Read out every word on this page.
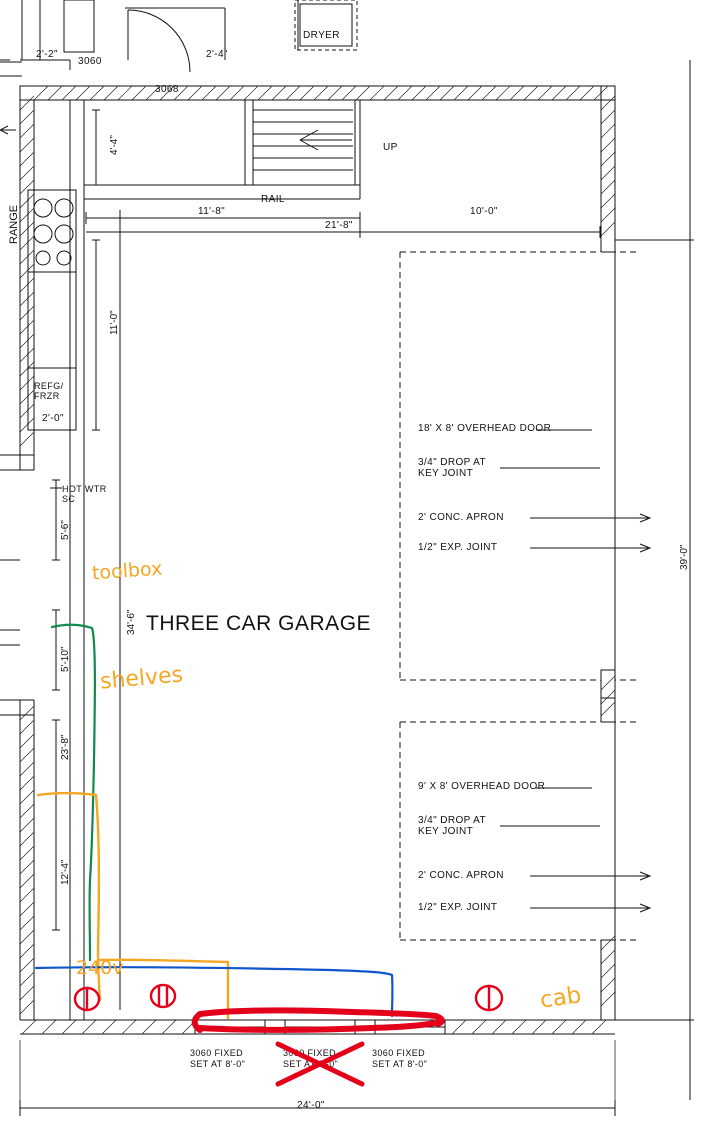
2'-2"
3060
2'-4"
3068
DRYER
4'-4"	UP
RAIL
11'-8"
21'-8"
10'-0"
RANGE
11'-0"
REFG/
FRZR
2'-0"
HOT WTR
SC
5'-6"
5'-10"
23'-8"
12'-4"
34'-6"
39'-0"
24'-0"
THREE CAR GARAGE
18' X 8' OVERHEAD DOOR
3/4" DROP AT
KEY JOINT
2' CONC. APRON
1/2" EXP. JOINT
9' X 8' OVERHEAD DOOR
3/4" DROP AT
KEY JOINT
2' CONC. APRON
1/2" EXP. JOINT
3060 FIXED
SET AT 8'-0"
3060 FIXED
SET AT 8'-0"
3060 FIXED
SET AT 8'-0"
toolbox
shelves
240v
cab
